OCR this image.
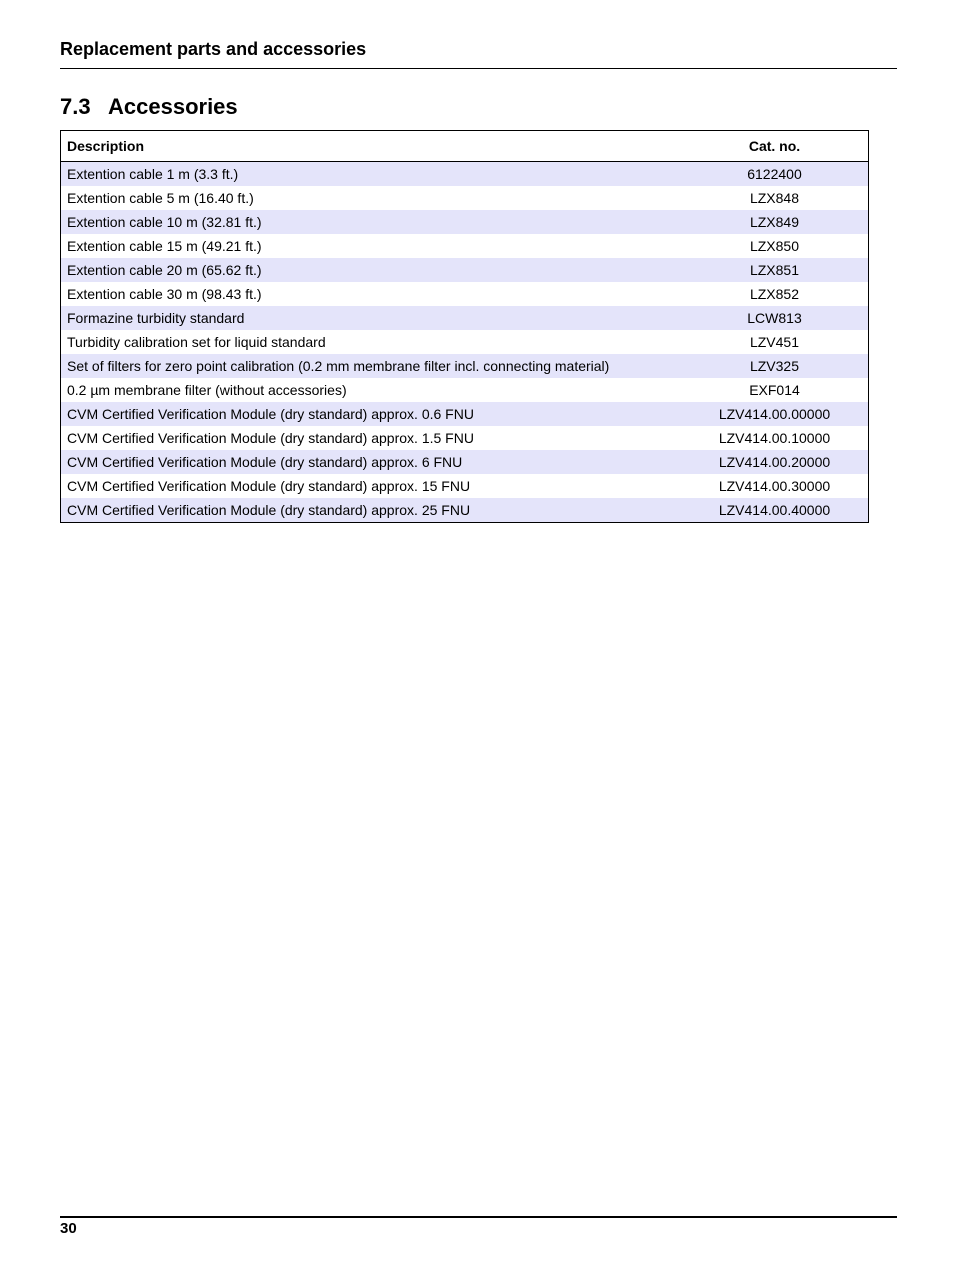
Replacement parts and accessories
7.3 Accessories
Description	Cat. no.
Extention cable 1 m (3.3 ft.)	6122400
Extention cable 5 m (16.40 ft.)	LZX848
Extention cable 10 m (32.81 ft.)	LZX849
Extention cable 15 m (49.21 ft.)	LZX850
Extention cable 20 m (65.62 ft.)	LZX851
Extention cable 30 m (98.43 ft.)	LZX852
Formazine turbidity standard	LCW813
Turbidity calibration set for liquid standard	LZV451
Set of filters for zero point calibration (0.2 mm membrane filter incl. connecting material)	LZV325
0.2 µm membrane filter (without accessories)	EXF014
CVM Certified Verification Module (dry standard) approx. 0.6 FNU	LZV414.00.00000
CVM Certified Verification Module (dry standard) approx. 1.5 FNU	LZV414.00.10000
CVM Certified Verification Module (dry standard) approx. 6 FNU	LZV414.00.20000
CVM Certified Verification Module (dry standard) approx. 15 FNU	LZV414.00.30000
CVM Certified Verification Module (dry standard) approx. 25 FNU	LZV414.00.40000
30
